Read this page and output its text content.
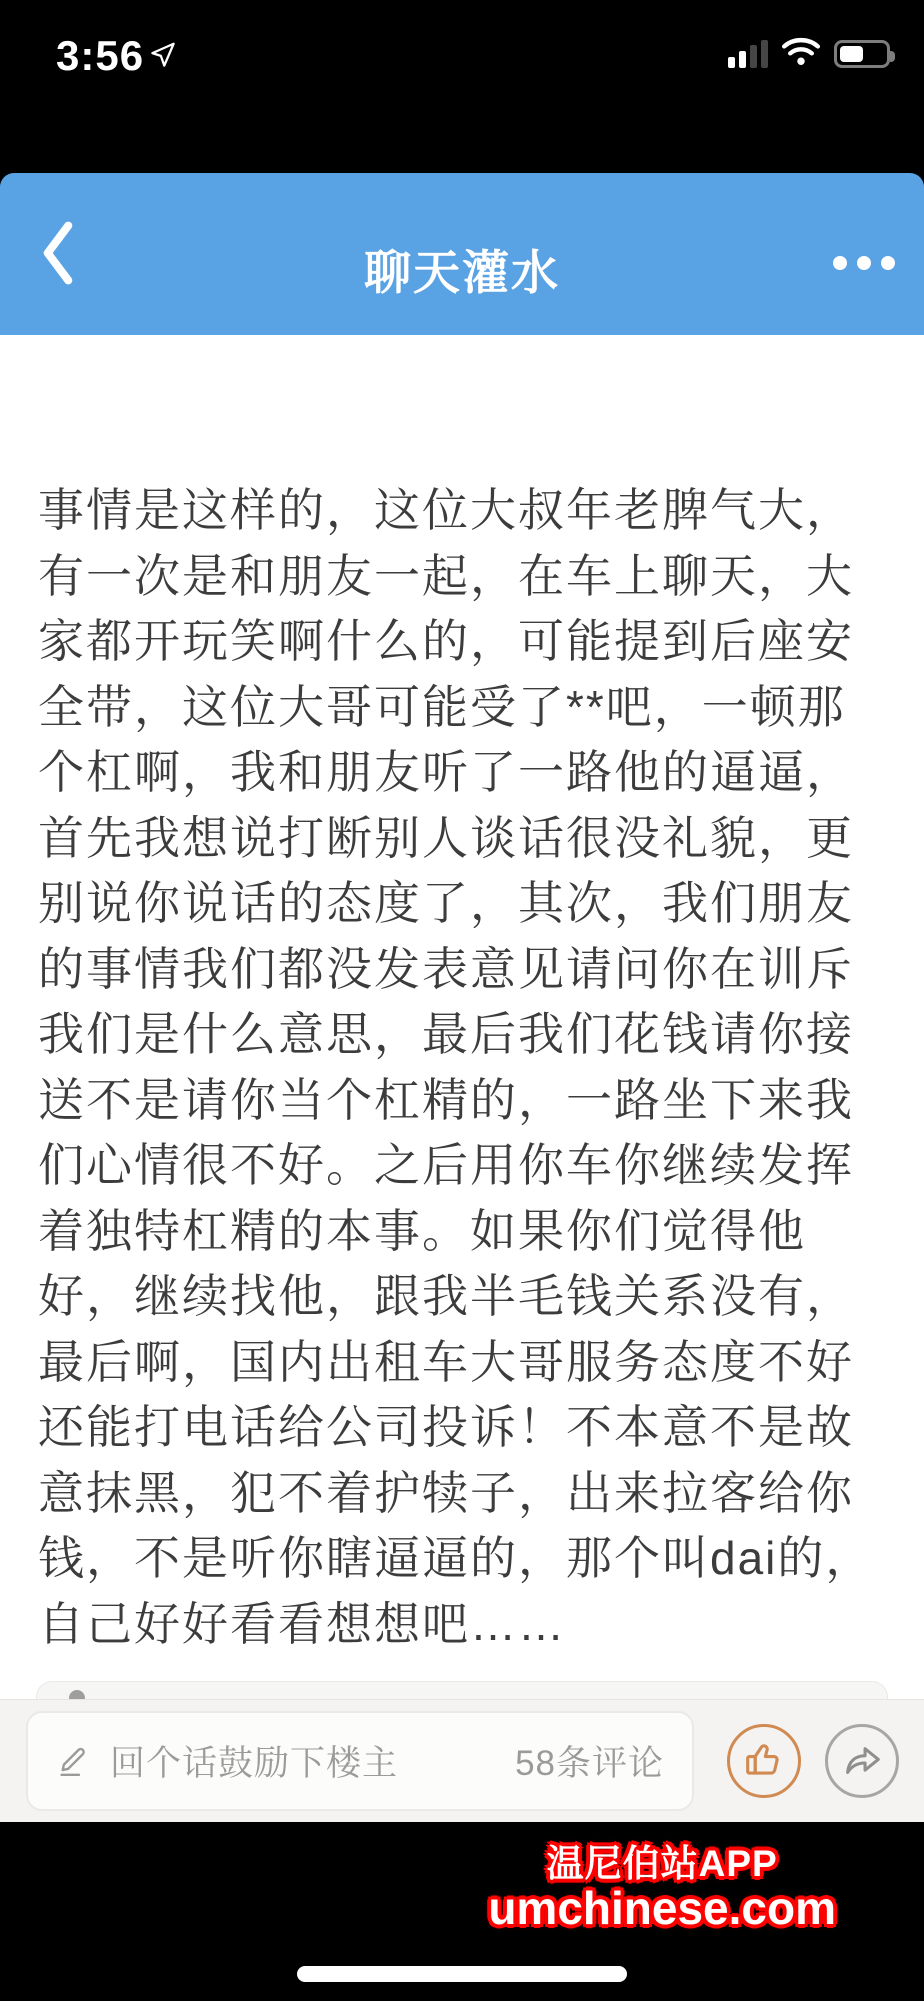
3:56
聊天灌水
事情是这样的，这位大叔年老脾气大，
有一次是和朋友一起，在车上聊天，大
家都开玩笑啊什么的，可能提到后座安
全带，这位大哥可能受了**吧，一顿那
个杠啊，我和朋友听了一路他的逼逼，
首先我想说打断别人谈话很没礼貌，更
别说你说话的态度了，其次，我们朋友
的事情我们都没发表意见请问你在训斥
我们是什么意思，最后我们花钱请你接
送不是请你当个杠精的，一路坐下来我
们心情很不好。之后用你车你继续发挥
着独特杠精的本事。如果你们觉得他
好，继续找他，跟我半毛钱关系没有，
最后啊，国内出租车大哥服务态度不好
还能打电话给公司投诉！不本意不是故
意抹黑，犯不着护犊子，出来拉客给你
钱，不是听你瞎逼逼的，那个叫dai的，
自己好好看看想想吧……
回个话鼓励下楼主	58条评论
温尼伯站APP
umchinese.com
